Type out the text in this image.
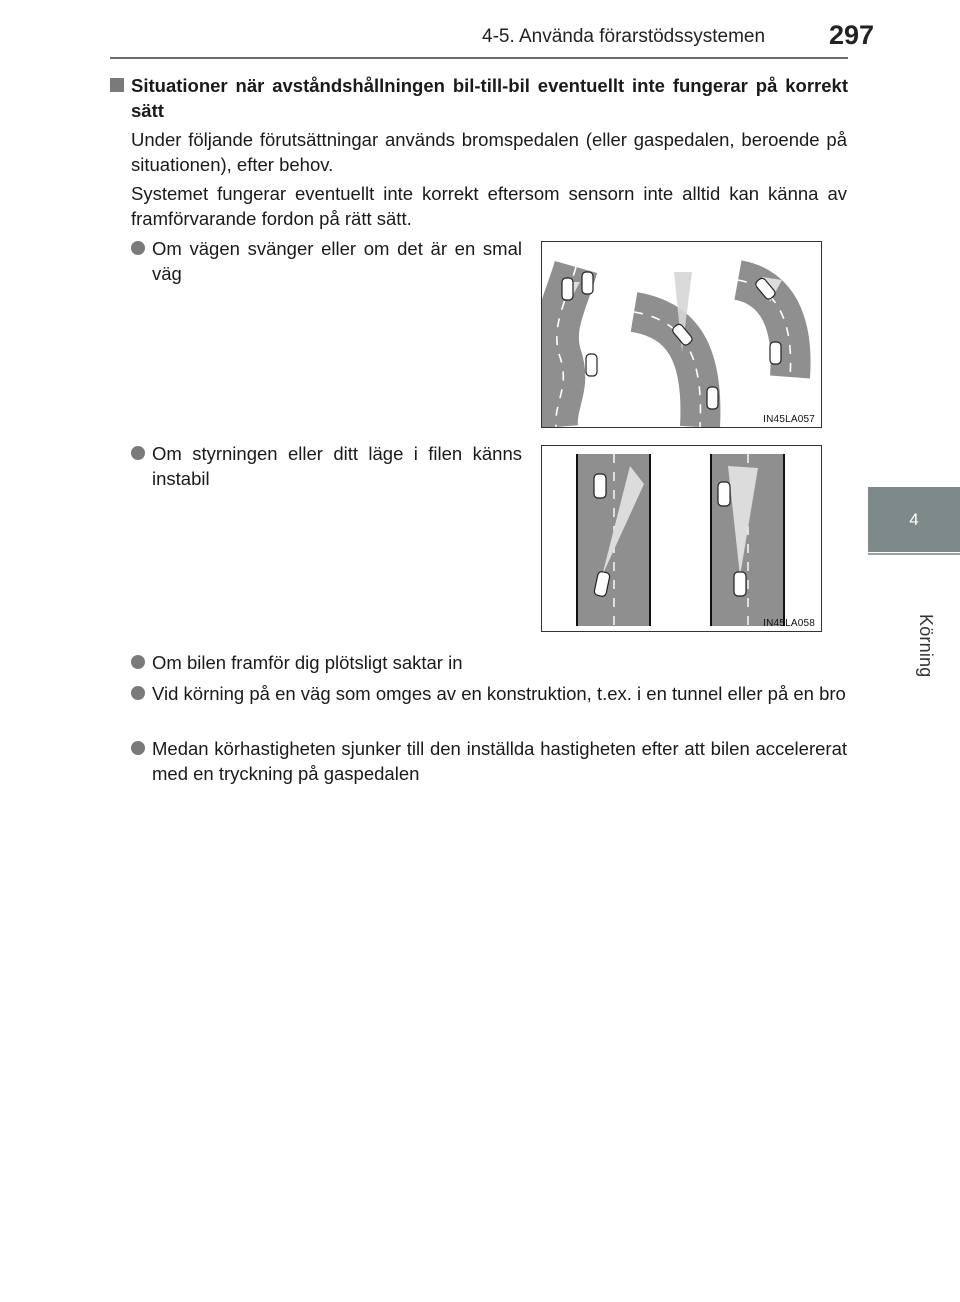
4-5. Använda förarstödssystemen 297
4
Körning
Situationer när avståndshållningen bil-till-bil eventuellt inte fungerar på korrekt sätt
Under följande förutsättningar används bromspedalen (eller gaspedalen, beroende på situationen), efter behov.
Systemet fungerar eventuellt inte korrekt eftersom sensorn inte alltid kan känna av framförvarande fordon på rätt sätt.
Om vägen svänger eller om det är en smal väg
IN45LA057
Om styrningen eller ditt läge i filen känns instabil
IN45LA058
Om bilen framför dig plötsligt saktar in
Vid körning på en väg som omges av en konstruktion, t.ex. i en tunnel eller på en bro
Medan körhastigheten sjunker till den inställda hastigheten efter att bilen accelererat med en tryckning på gaspedalen
